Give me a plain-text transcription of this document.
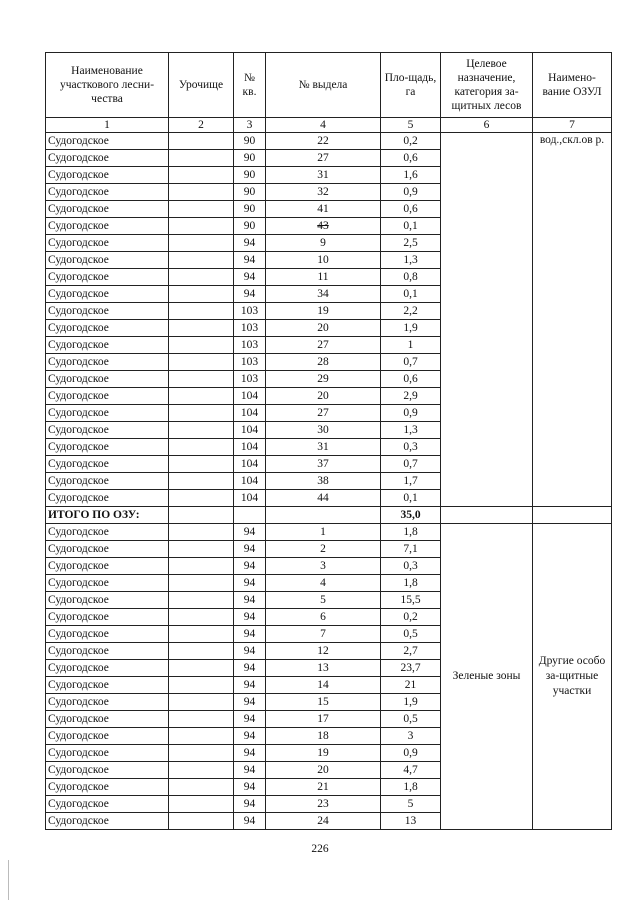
Наименование участкового лесни-чества	Урочище	№ кв.	№ выдела	Пло-щадь, га	Целевое назначение, категория за-щитных лесов	Наимено-вание ОЗУЛ
1	2	3	4	5	6	7
Судогодское		90	22	0,2		вод.,скл.ов р.
Судогодское		90	27	0,6		
Судогодское		90	31	1,6		
Судогодское		90	32	0,9		
Судогодское		90	41	0,6		
Судогодское		90	43	0,1		
Судогодское		94	9	2,5		
Судогодское		94	10	1,3		
Судогодское		94	11	0,8		
Судогодское		94	34	0,1		
Судогодское		103	19	2,2		
Судогодское		103	20	1,9		
Судогодское		103	27	1		
Судогодское		103	28	0,7		
Судогодское		103	29	0,6		
Судогодское		104	20	2,9		
Судогодское		104	27	0,9		
Судогодское		104	30	1,3		
Судогодское		104	31	0,3		
Судогодское		104	37	0,7		
Судогодское		104	38	1,7		
Судогодское		104	44	0,1		
ИТОГО ПО ОЗУ:				35,0		
Судогодское		94	1	1,8	Зеленые зоны	Другие особо за-щитные участки
Судогодское		94	2	7,1		
Судогодское		94	3	0,3		
Судогодское		94	4	1,8		
Судогодское		94	5	15,5		
Судогодское		94	6	0,2		
Судогодское		94	7	0,5		
Судогодское		94	12	2,7		
Судогодское		94	13	23,7		
Судогодское		94	14	21		
Судогодское		94	15	1,9		
Судогодское		94	17	0,5		
Судогодское		94	18	3		
Судогодское		94	19	0,9		
Судогодское		94	20	4,7		
Судогодское		94	21	1,8		
Судогодское		94	23	5		
Судогодское		94	24	13		
226
